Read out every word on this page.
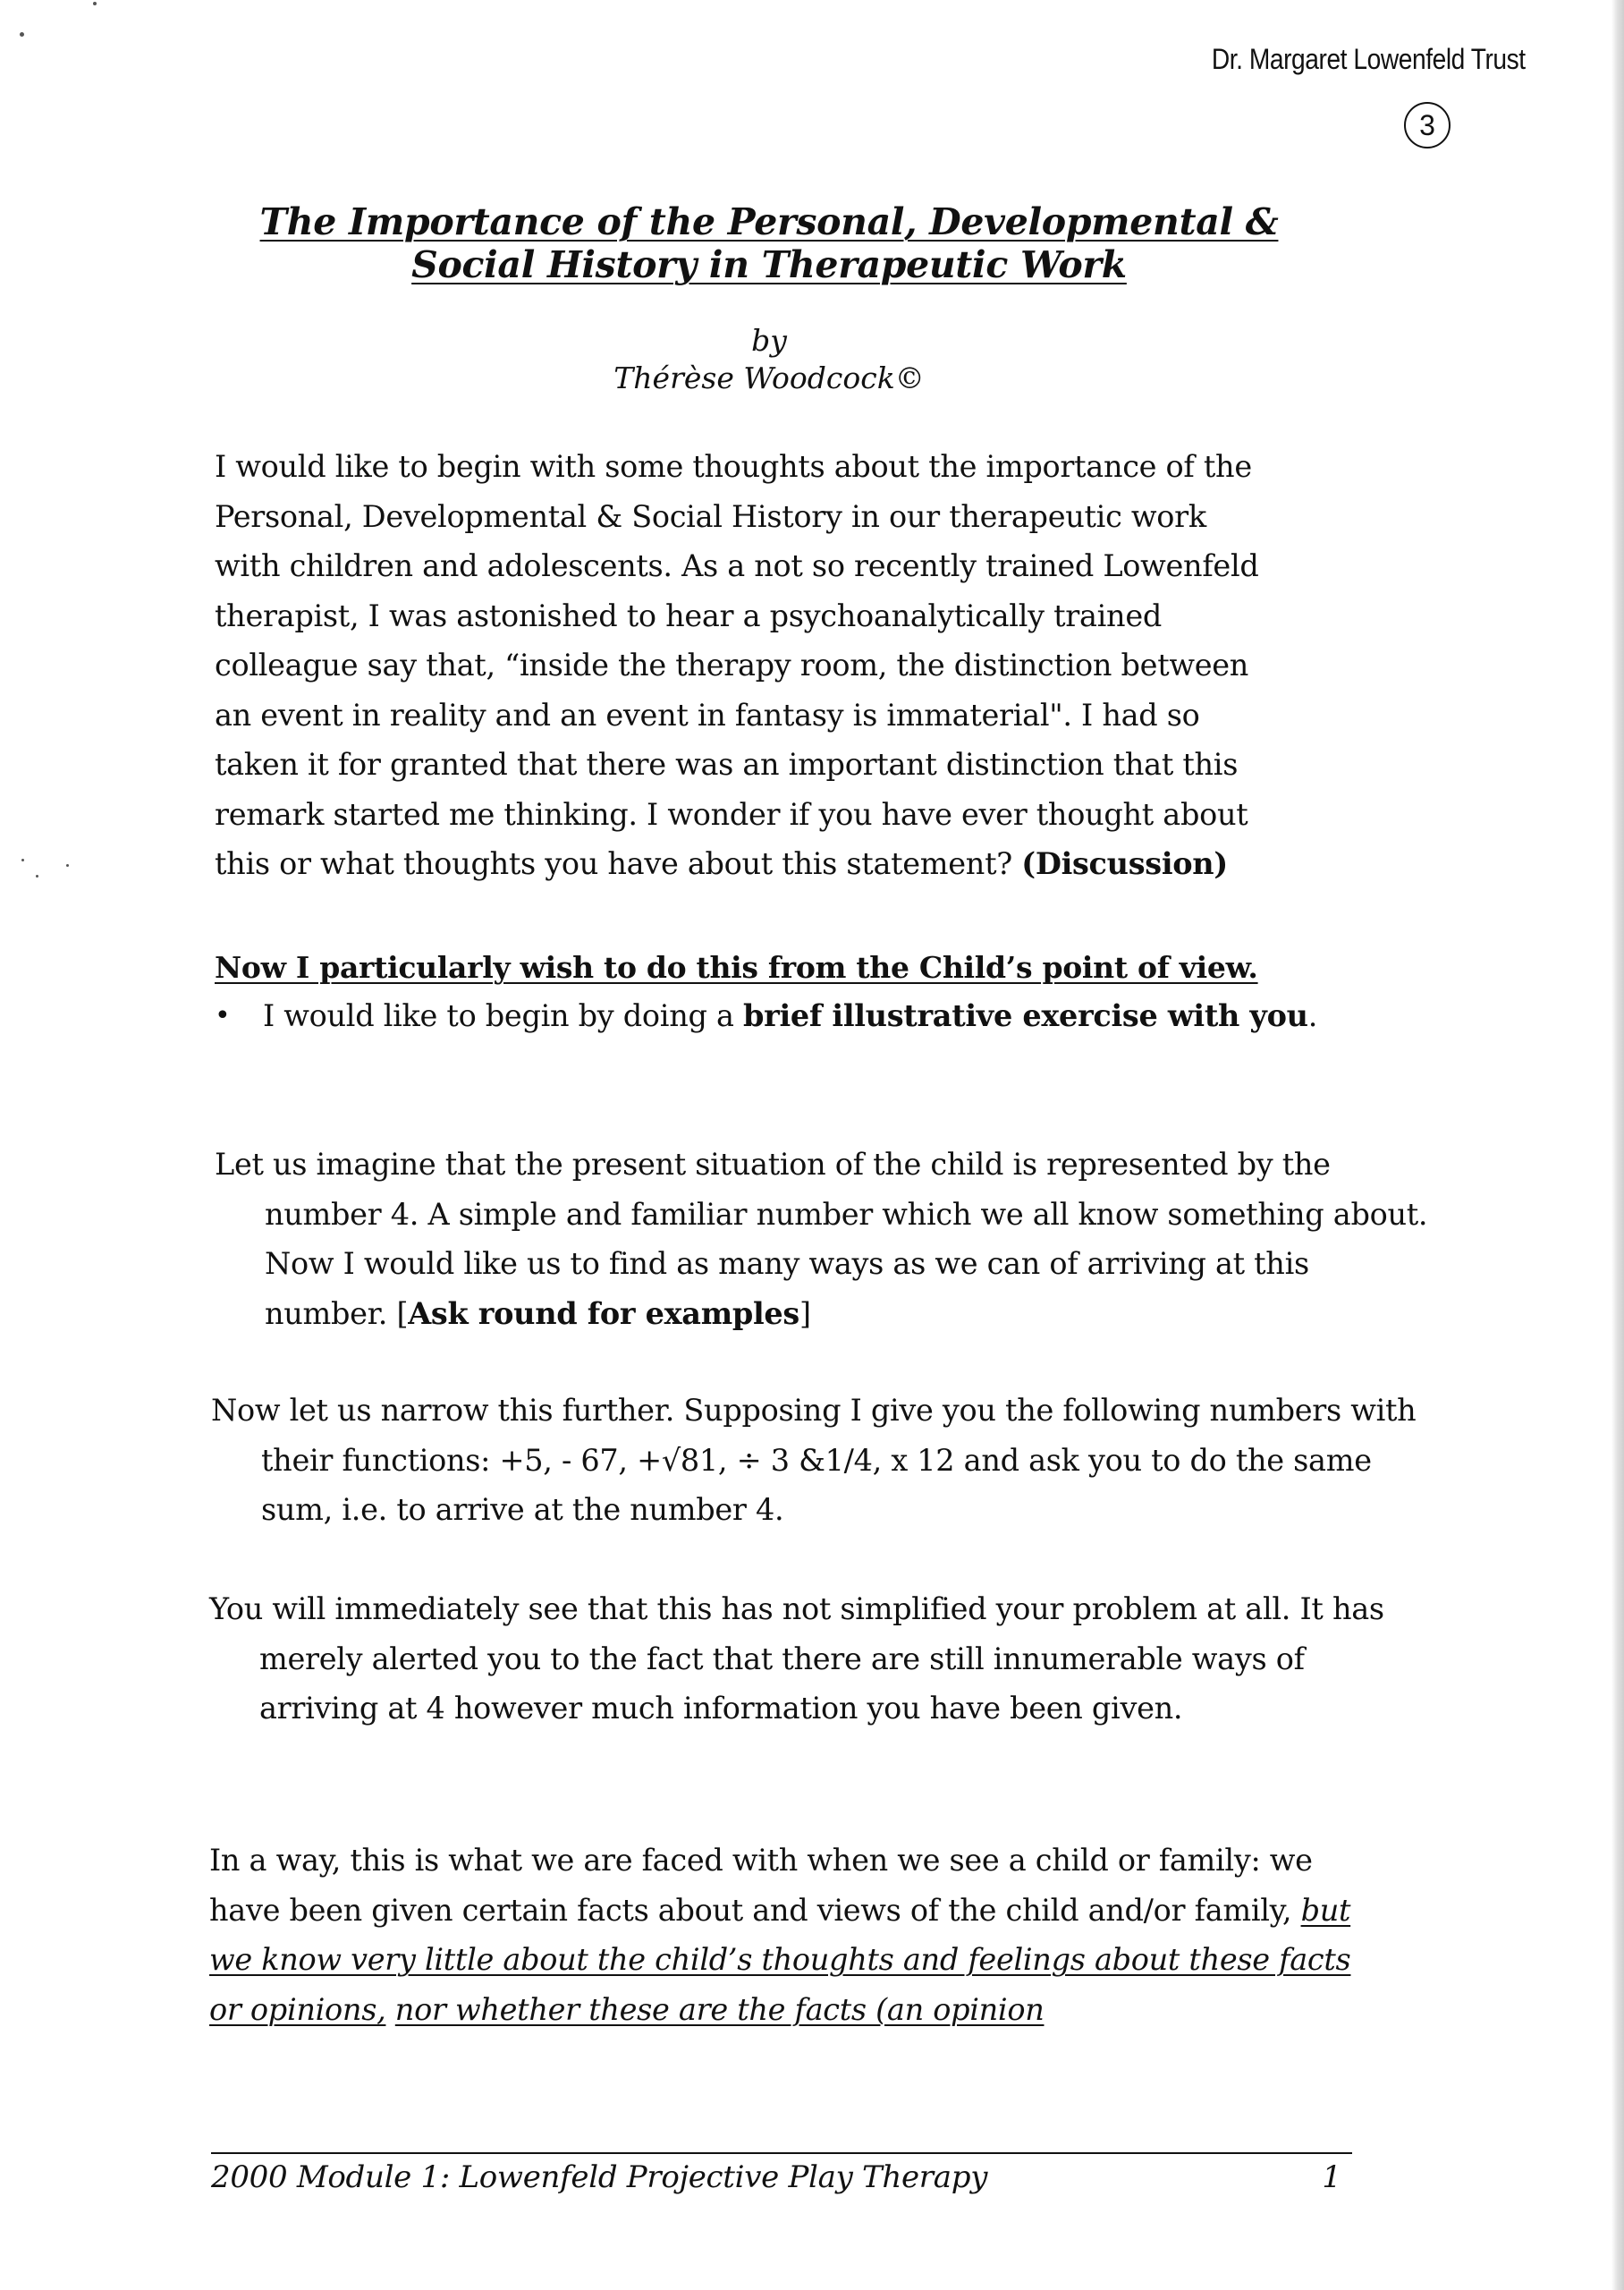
Dr. Margaret Lowenfeld Trust
3
The Importance of the Personal, Developmental &
Social History in Therapeutic Work
by
Thérèse Woodcock©
I would like to begin with some thoughts about the importance of the
Personal, Developmental & Social History in our therapeutic work
with children and adolescents. As a not so recently trained Lowenfeld
therapist, I was astonished to hear a psychoanalytically trained
colleague say that, “inside the therapy room, the distinction between
an event in reality and an event in fantasy is immaterial". I had so
taken it for granted that there was an important distinction that this
remark started me thinking. I wonder if you have ever thought about
this or what thoughts you have about this statement? (Discussion)
Now I particularly wish to do this from the Child’s point of view.
•	I would like to begin by doing a brief illustrative exercise with you.

Let us imagine that the present situation of the child is represented by the number 4. A simple and familiar number which we all know something about. Now I would like us to find as many ways as we can of arriving at this number. [Ask round for examples]

Now let us narrow this further. Supposing I give you the following numbers with their functions: +5, - 67, +√81, ÷ 3 &1/4, x 12 and ask you to do the same sum, i.e. to arrive at the number 4.

You will immediately see that this has not simplified your problem at all. It has merely alerted you to the fact that there are still innumerable ways of arriving at 4 however much information you have been given.

In a way, this is what we are faced with when we see a child or family: we have been given certain facts about and views of the child and/or family, but we know very little about the child’s thoughts and feelings about these facts or opinions, nor whether these are the facts (an opinion

2000 Module 1: Lowenfeld Projective Play Therapy	1
